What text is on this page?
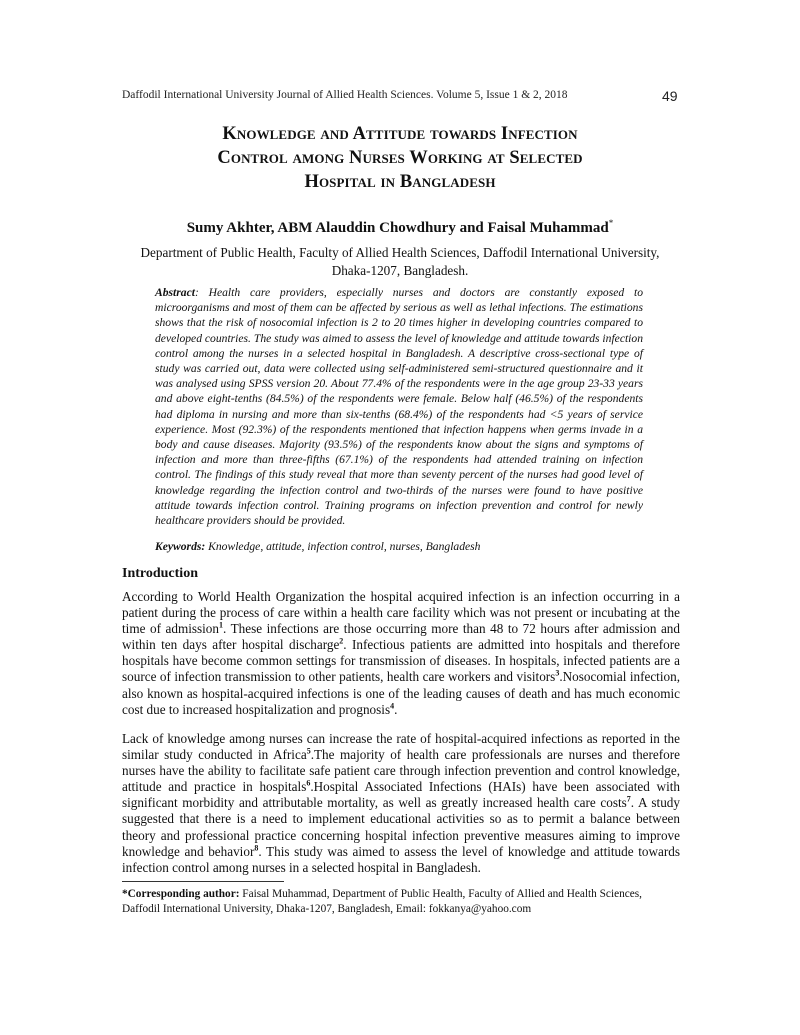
Daffodil International University Journal of Allied Health Sciences. Volume 5, Issue 1 & 2, 2018	49
Knowledge and Attitude towards Infection
Control among Nurses Working at Selected
Hospital in Bangladesh
Sumy Akhter, ABM Alauddin Chowdhury and Faisal Muhammad*
Department of Public Health, Faculty of Allied Health Sciences, Daffodil International University, Dhaka-1207, Bangladesh.
Abstract: Health care providers, especially nurses and doctors are constantly exposed to microorganisms and most of them can be affected by serious as well as lethal infections. The estimations shows that the risk of nosocomial infection is 2 to 20 times higher in developing countries compared to developed countries. The study was aimed to assess the level of knowledge and attitude towards infection control among the nurses in a selected hospital in Bangladesh. A descriptive cross-sectional type of study was carried out, data were collected using self-administered semi-structured questionnaire and it was analysed using SPSS version 20. About 77.4% of the respondents were in the age group 23-33 years and above eight-tenths (84.5%) of the respondents were female. Below half (46.5%) of the respondents had diploma in nursing and more than six-tenths (68.4%) of the respondents had <5 years of service experience. Most (92.3%) of the respondents mentioned that infection happens when germs invade in a body and cause diseases. Majority (93.5%) of the respondents know about the signs and symptoms of infection and more than three-fifths (67.1%) of the respondents had attended training on infection control. The findings of this study reveal that more than seventy percent of the nurses had good level of knowledge regarding the infection control and two-thirds of the nurses were found to have positive attitude towards infection control. Training programs on infection prevention and control for newly healthcare providers should be provided.
Keywords: Knowledge, attitude, infection control, nurses, Bangladesh
Introduction
According to World Health Organization the hospital acquired infection is an infection occurring in a patient during the process of care within a health care facility which was not present or incubating at the time of admission$^1$. These infections are those occurring more than 48 to 72 hours after admission and within ten days after hospital discharge$^2$. Infectious patients are admitted into hospitals and therefore hospitals have become common settings for transmission of diseases. In hospitals, infected patients are a source of infection transmission to other patients, health care workers and visitors$^3$.Nosocomial infection, also known as hospital-acquired infections is one of the leading causes of death and has much economic cost due to increased hospitalization and prognosis$^4$.
Lack of knowledge among nurses can increase the rate of hospital-acquired infections as reported in the similar study conducted in Africa$^5$.The majority of health care professionals are nurses and therefore nurses have the ability to facilitate safe patient care through infection prevention and control knowledge, attitude and practice in hospitals$^6$.Hospital Associated Infections (HAIs) have been associated with significant morbidity and attributable mortality, as well as greatly increased health care costs$^7$. A study suggested that there is a need to implement educational activities so as to permit a balance between theory and professional practice concerning hospital infection preventive measures aiming to improve knowledge and behavior$^8$. This study was aimed to assess the level of knowledge and attitude towards infection control among nurses in a selected hospital in Bangladesh.
*Corresponding author: Faisal Muhammad, Department of Public Health, Faculty of Allied and Health Sciences, Daffodil International University, Dhaka-1207, Bangladesh, Email: fokkanya@yahoo.com
